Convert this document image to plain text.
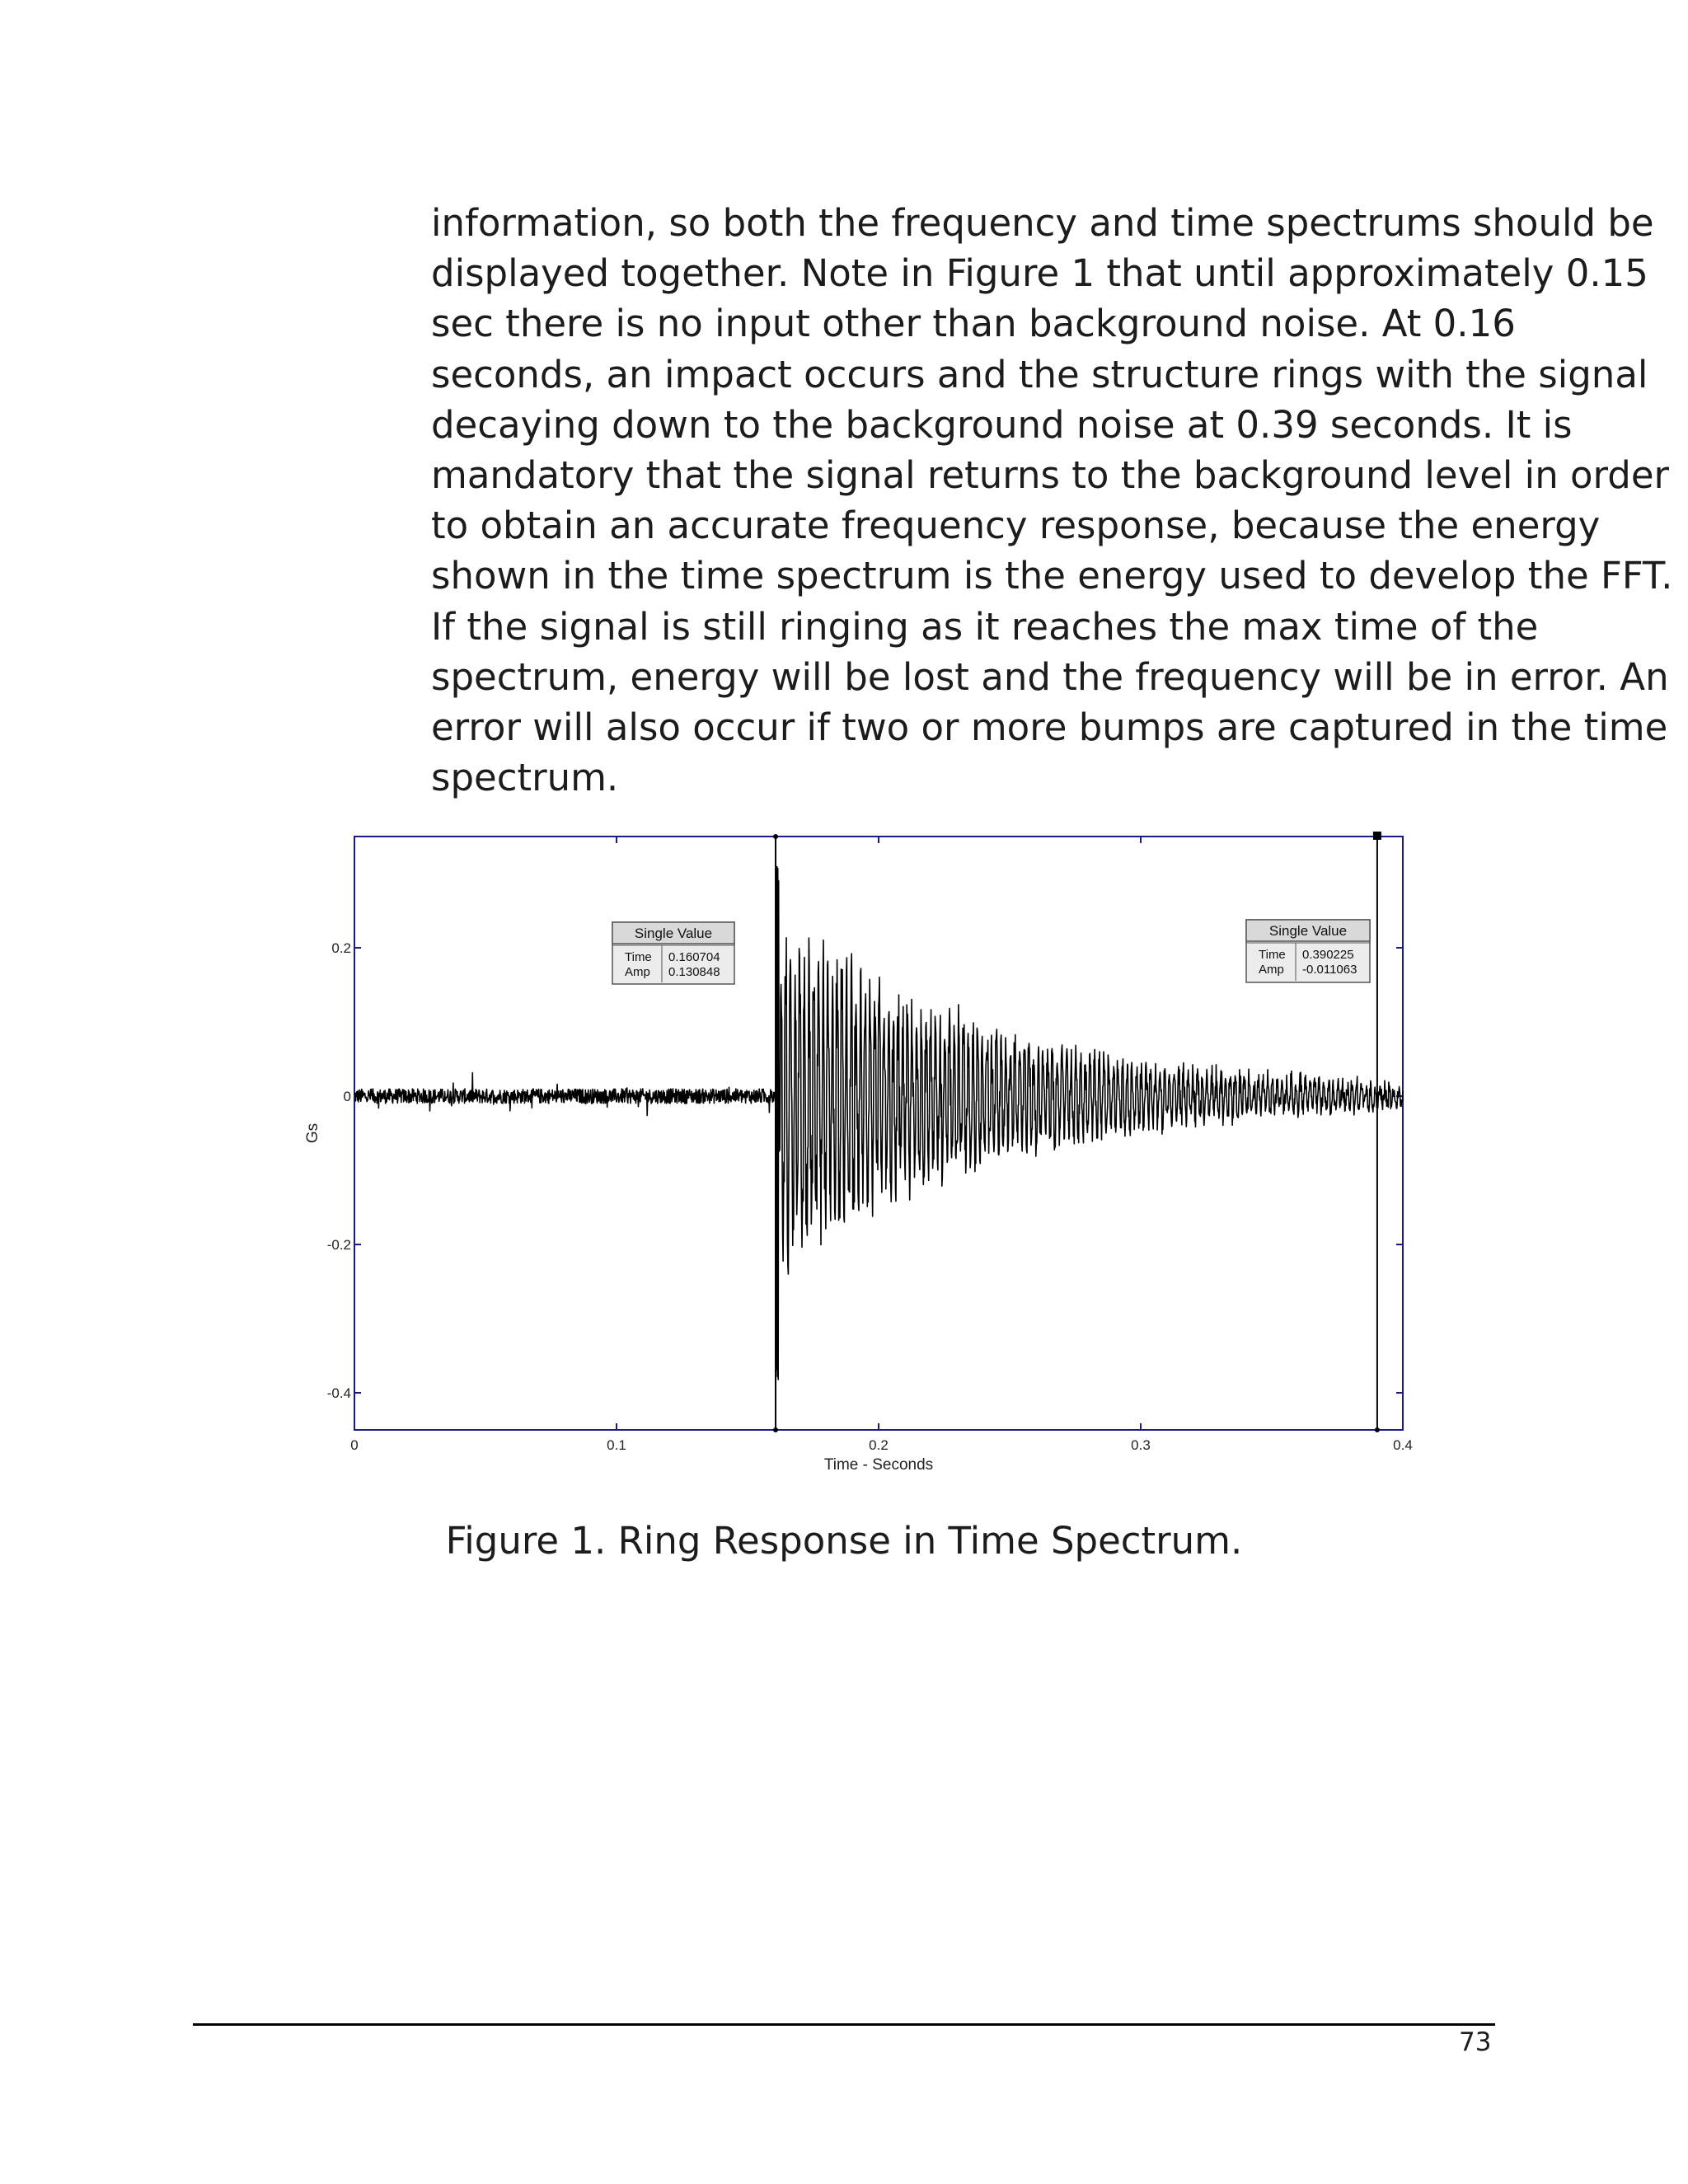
information, so both the frequency and time spectrums should be
displayed together. Note in Figure 1 that until approximately 0.15
sec there is no input other than background noise. At 0.16
seconds, an impact occurs and the structure rings with the signal
decaying down to the background noise at 0.39 seconds. It is
mandatory that the signal returns to the background level in order
to obtain an accurate frequency response, because the energy
shown in the time spectrum is the energy used to develop the FFT.
If the signal is still ringing as it reaches the max time of the
spectrum, energy will be lost and the frequency will be in error. An
error will also occur if two or more bumps are captured in the time
spectrum.

0	0.1	0.2	0.3	0.4
0.2
0
-0.2
-0.4
Time - Seconds
Gs
Single Value
Time 0.160704
Amp 0.130848
Single Value
Time 0.390225
Amp -0.011063

Figure 1. Ring Response in Time Spectrum.

73
